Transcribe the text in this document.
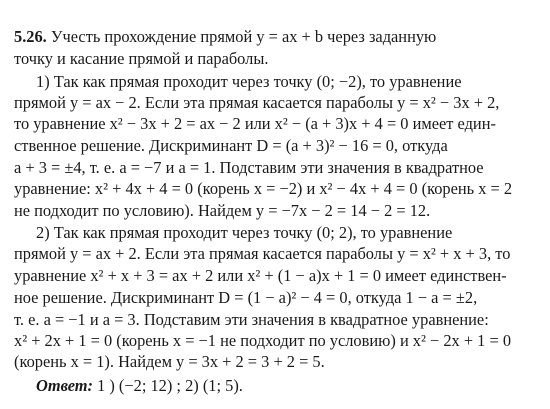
5.26. Учесть прохождение прямой y = ax + b через заданную
точку и касание прямой и параболы.
1) Так как прямая проходит через точку (0; −2), то уравнение
прямой y = ax − 2. Если эта прямая касается параболы y = x² − 3x + 2,
то уравнение x² − 3x + 2 = ax − 2 или x² − (a + 3)x + 4 = 0 имеет един-
ственное решение. Дискриминант D = (a + 3)² − 16 = 0, откуда
a + 3 = ±4, т. е. a = −7 и a = 1. Подставим эти значения в квадратное
уравнение: x² + 4x + 4 = 0 (корень x = −2) и x² − 4x + 4 = 0 (корень x = 2
не подходит по условию). Найдем y = −7x − 2 = 14 − 2 = 12.
2) Так как прямая проходит через точку (0; 2), то уравнение
прямой y = ax + 2. Если эта прямая касается параболы y = x² + x + 3, то
уравнение x² + x + 3 = ax + 2 или x² + (1 − a)x + 1 = 0 имеет единствен-
ное решение. Дискриминант D = (1 − a)² − 4 = 0, откуда 1 − a = ±2,
т. е. a = −1 и a = 3. Подставим эти значения в квадратное уравнение:
x² + 2x + 1 = 0 (корень x = −1 не подходит по условию) и x² − 2x + 1 = 0
(корень x = 1). Найдем y = 3x + 2 = 3 + 2 = 5.
Ответ: 1 ) (−2; 12) ; 2) (1; 5).
